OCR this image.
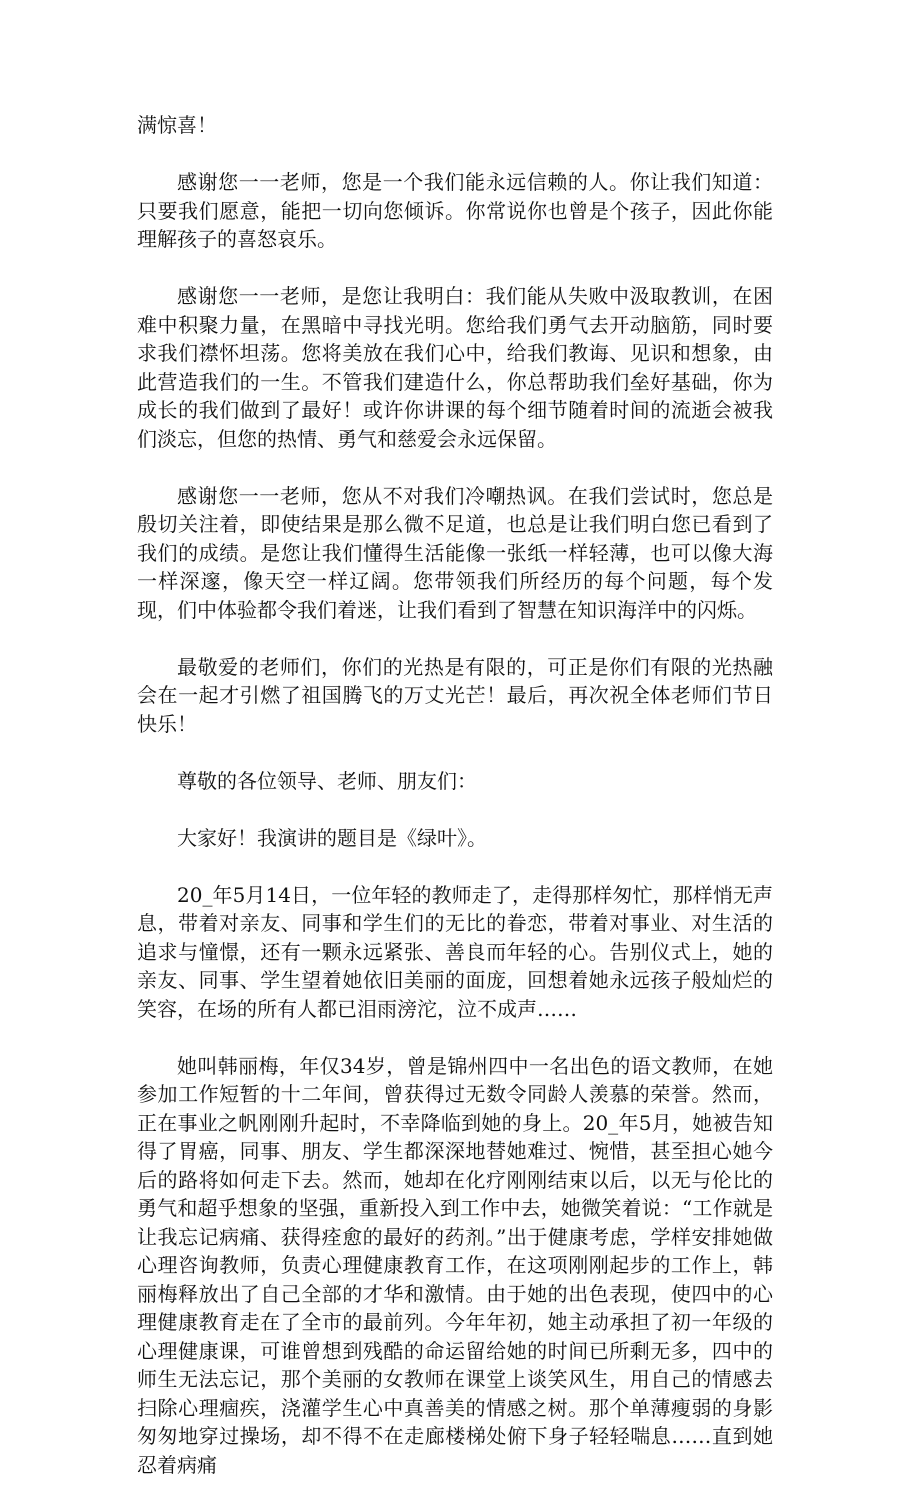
满惊喜！

感谢您一一老师，您是一个我们能永远信赖的人。你让我们知道：只要我们愿意，能把一切向您倾诉。你常说你也曾是个孩子，因此你能理解孩子的喜怒哀乐。

感谢您一一老师，是您让我明白：我们能从失败中汲取教训，在困难中积聚力量，在黑暗中寻找光明。您给我们勇气去开动脑筋，同时要求我们襟怀坦荡。您将美放在我们心中，给我们教诲、见识和想象，由此营造我们的一生。不管我们建造什么，你总帮助我们垒好基础，你为成长的我们做到了最好！或许你讲课的每个细节随着时间的流逝会被我们淡忘，但您的热情、勇气和慈爱会永远保留。

感谢您一一老师，您从不对我们冷嘲热讽。在我们尝试时，您总是殷切关注着，即使结果是那么微不足道，也总是让我们明白您已看到了我们的成绩。是您让我们懂得生活能像一张纸一样轻薄，也可以像大海一样深邃，像天空一样辽阔。您带领我们所经历的每个问题，每个发现，们中体验都令我们着迷，让我们看到了智慧在知识海洋中的闪烁。

最敬爱的老师们，你们的光热是有限的，可正是你们有限的光热融会在一起才引燃了祖国腾飞的万丈光芒！最后，再次祝全体老师们节日快乐！

尊敬的各位领导、老师、朋友们：

大家好！我演讲的题目是《绿叶》。

20_年5月14日，一位年轻的教师走了，走得那样匆忙，那样悄无声息，带着对亲友、同事和学生们的无比的眷恋，带着对事业、对生活的追求与憧憬，还有一颗永远紧张、善良而年轻的心。告别仪式上，她的亲友、同事、学生望着她依旧美丽的面庞，回想着她永远孩子般灿烂的笑容，在场的所有人都已泪雨滂沱，泣不成声……

她叫韩丽梅，年仅34岁，曾是锦州四中一名出色的语文教师，在她参加工作短暂的十二年间，曾获得过无数令同龄人羡慕的荣誉。然而，正在事业之帆刚刚升起时，不幸降临到她的身上。20_年5月，她被告知得了胃癌，同事、朋友、学生都深深地替她难过、惋惜，甚至担心她今后的路将如何走下去。然而，她却在化疗刚刚结束以后，以无与伦比的勇气和超乎想象的坚强，重新投入到工作中去，她微笑着说：“工作就是让我忘记病痛、获得痊愈的最好的药剂。”出于健康考虑，学样安排她做心理咨询教师，负责心理健康教育工作，在这项刚刚起步的工作上，韩丽梅释放出了自己全部的才华和激情。由于她的出色表现，使四中的心理健康教育走在了全市的最前列。今年年初，她主动承担了初一年级的心理健康课，可谁曾想到残酷的命运留给她的时间已所剩无多，四中的师生无法忘记，那个美丽的女教师在课堂上谈笑风生，用自己的情感去扫除心理痼疾，浇灌学生心中真善美的情感之树。那个单薄瘦弱的身影匆匆地穿过操场，却不得不在走廊楼梯处俯下身子轻轻喘息……直到她忍着病痛
